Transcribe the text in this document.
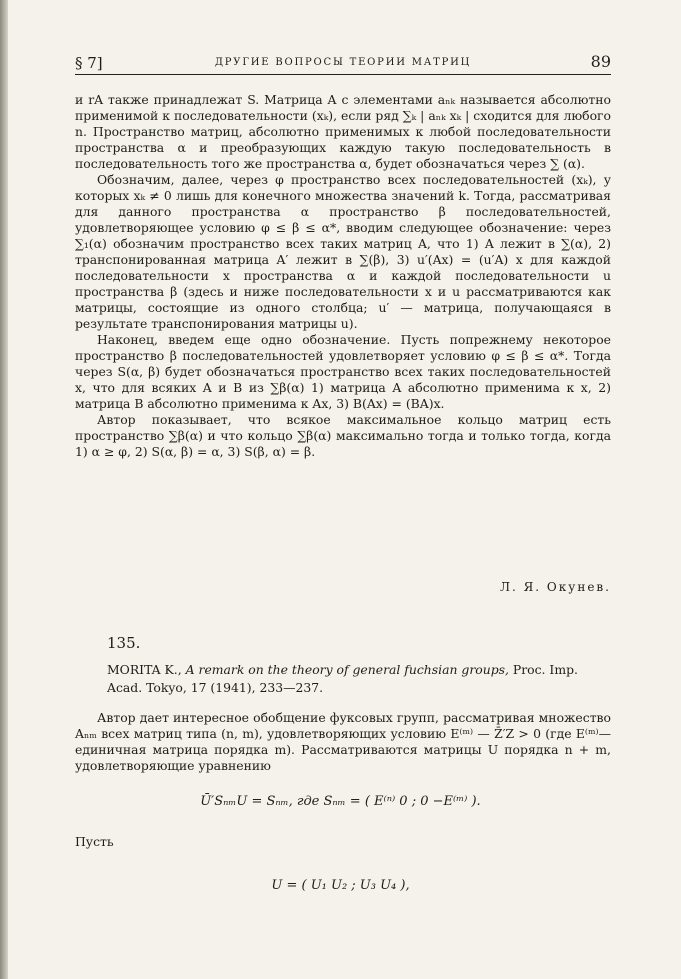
§ 7]	ДРУГИЕ ВОПРОСЫ ТЕОРИИ МАТРИЦ	89

и rA также принадлежат S. Матрица A с элементами aₙₖ называется абсолютно применимой к последовательности (xₖ), если ряд ∑ₖ | aₙₖ xₖ | сходится для любого n. Пространство матриц, абсолютно применимых к любой последовательности пространства α и преобразующих каждую такую последовательность в последовательность того же пространства α, будет обозначаться через ∑ (α).

Обозначим, далее, через φ пространство всех последовательностей (xₖ), у которых xₖ ≠ 0 лишь для конечного множества значений k. Тогда, рассматривая для данного пространства α пространство β последовательностей, удовлетворяющее условию φ ≤ β ≤ α*, вводим следующее обозначение: через ∑₁(α) обозначим пространство всех таких матриц A, что 1) A лежит в ∑(α), 2) транспонированная матрица A′ лежит в ∑(β), 3) u′(Ax) = (u′A) x для каждой последовательности x пространства α и каждой последовательности u пространства β (здесь и ниже последовательности x и u рассматриваются как матрицы, состоящие из одного столбца; u′ — матрица, получающаяся в результате транспонирования матрицы u).

Наконец, введем еще одно обозначение. Пусть попрежнему некоторое пространство β последовательностей удовлетворяет условию φ ≤ β ≤ α*. Тогда через S(α, β) будет обозначаться пространство всех таких последовательностей x, что для всяких A и B из ∑β(α) 1) матрица A абсолютно применима к x, 2) матрица B абсолютно применима к Ax, 3) B(Ax) = (BA)x.

Автор показывает, что всякое максимальное кольцо матриц есть пространство ∑β(α) и что кольцо ∑β(α) максимально тогда и только тогда, когда 1) α ≥ φ, 2) S(α, β) = α, 3) S(β, α) = β.

Л. Я. Окунев.
135.
MORITA K., A remark on the theory of general fuchsian groups, Proc. Imp. Acad. Tokyo, 17 (1941), 233—237.

Автор дает интересное обобщение фуксовых групп, рассматривая множество Aₙₘ всех матриц типа (n, m), удовлетворяющих условию E⁽ᵐ⁾ — Z̄′Z > 0 (где E⁽ᵐ⁾—единичная матрица порядка m). Рассматриваются матрицы U порядка n + m, удовлетворяющие уравнению

Ū′SₙₘU = Sₙₘ, где Sₙₘ = ( E⁽ⁿ⁾ 0 ; 0 −E⁽ᵐ⁾ ).
Пусть
U = ( U₁ U₂ ; U₃ U₄ ),
